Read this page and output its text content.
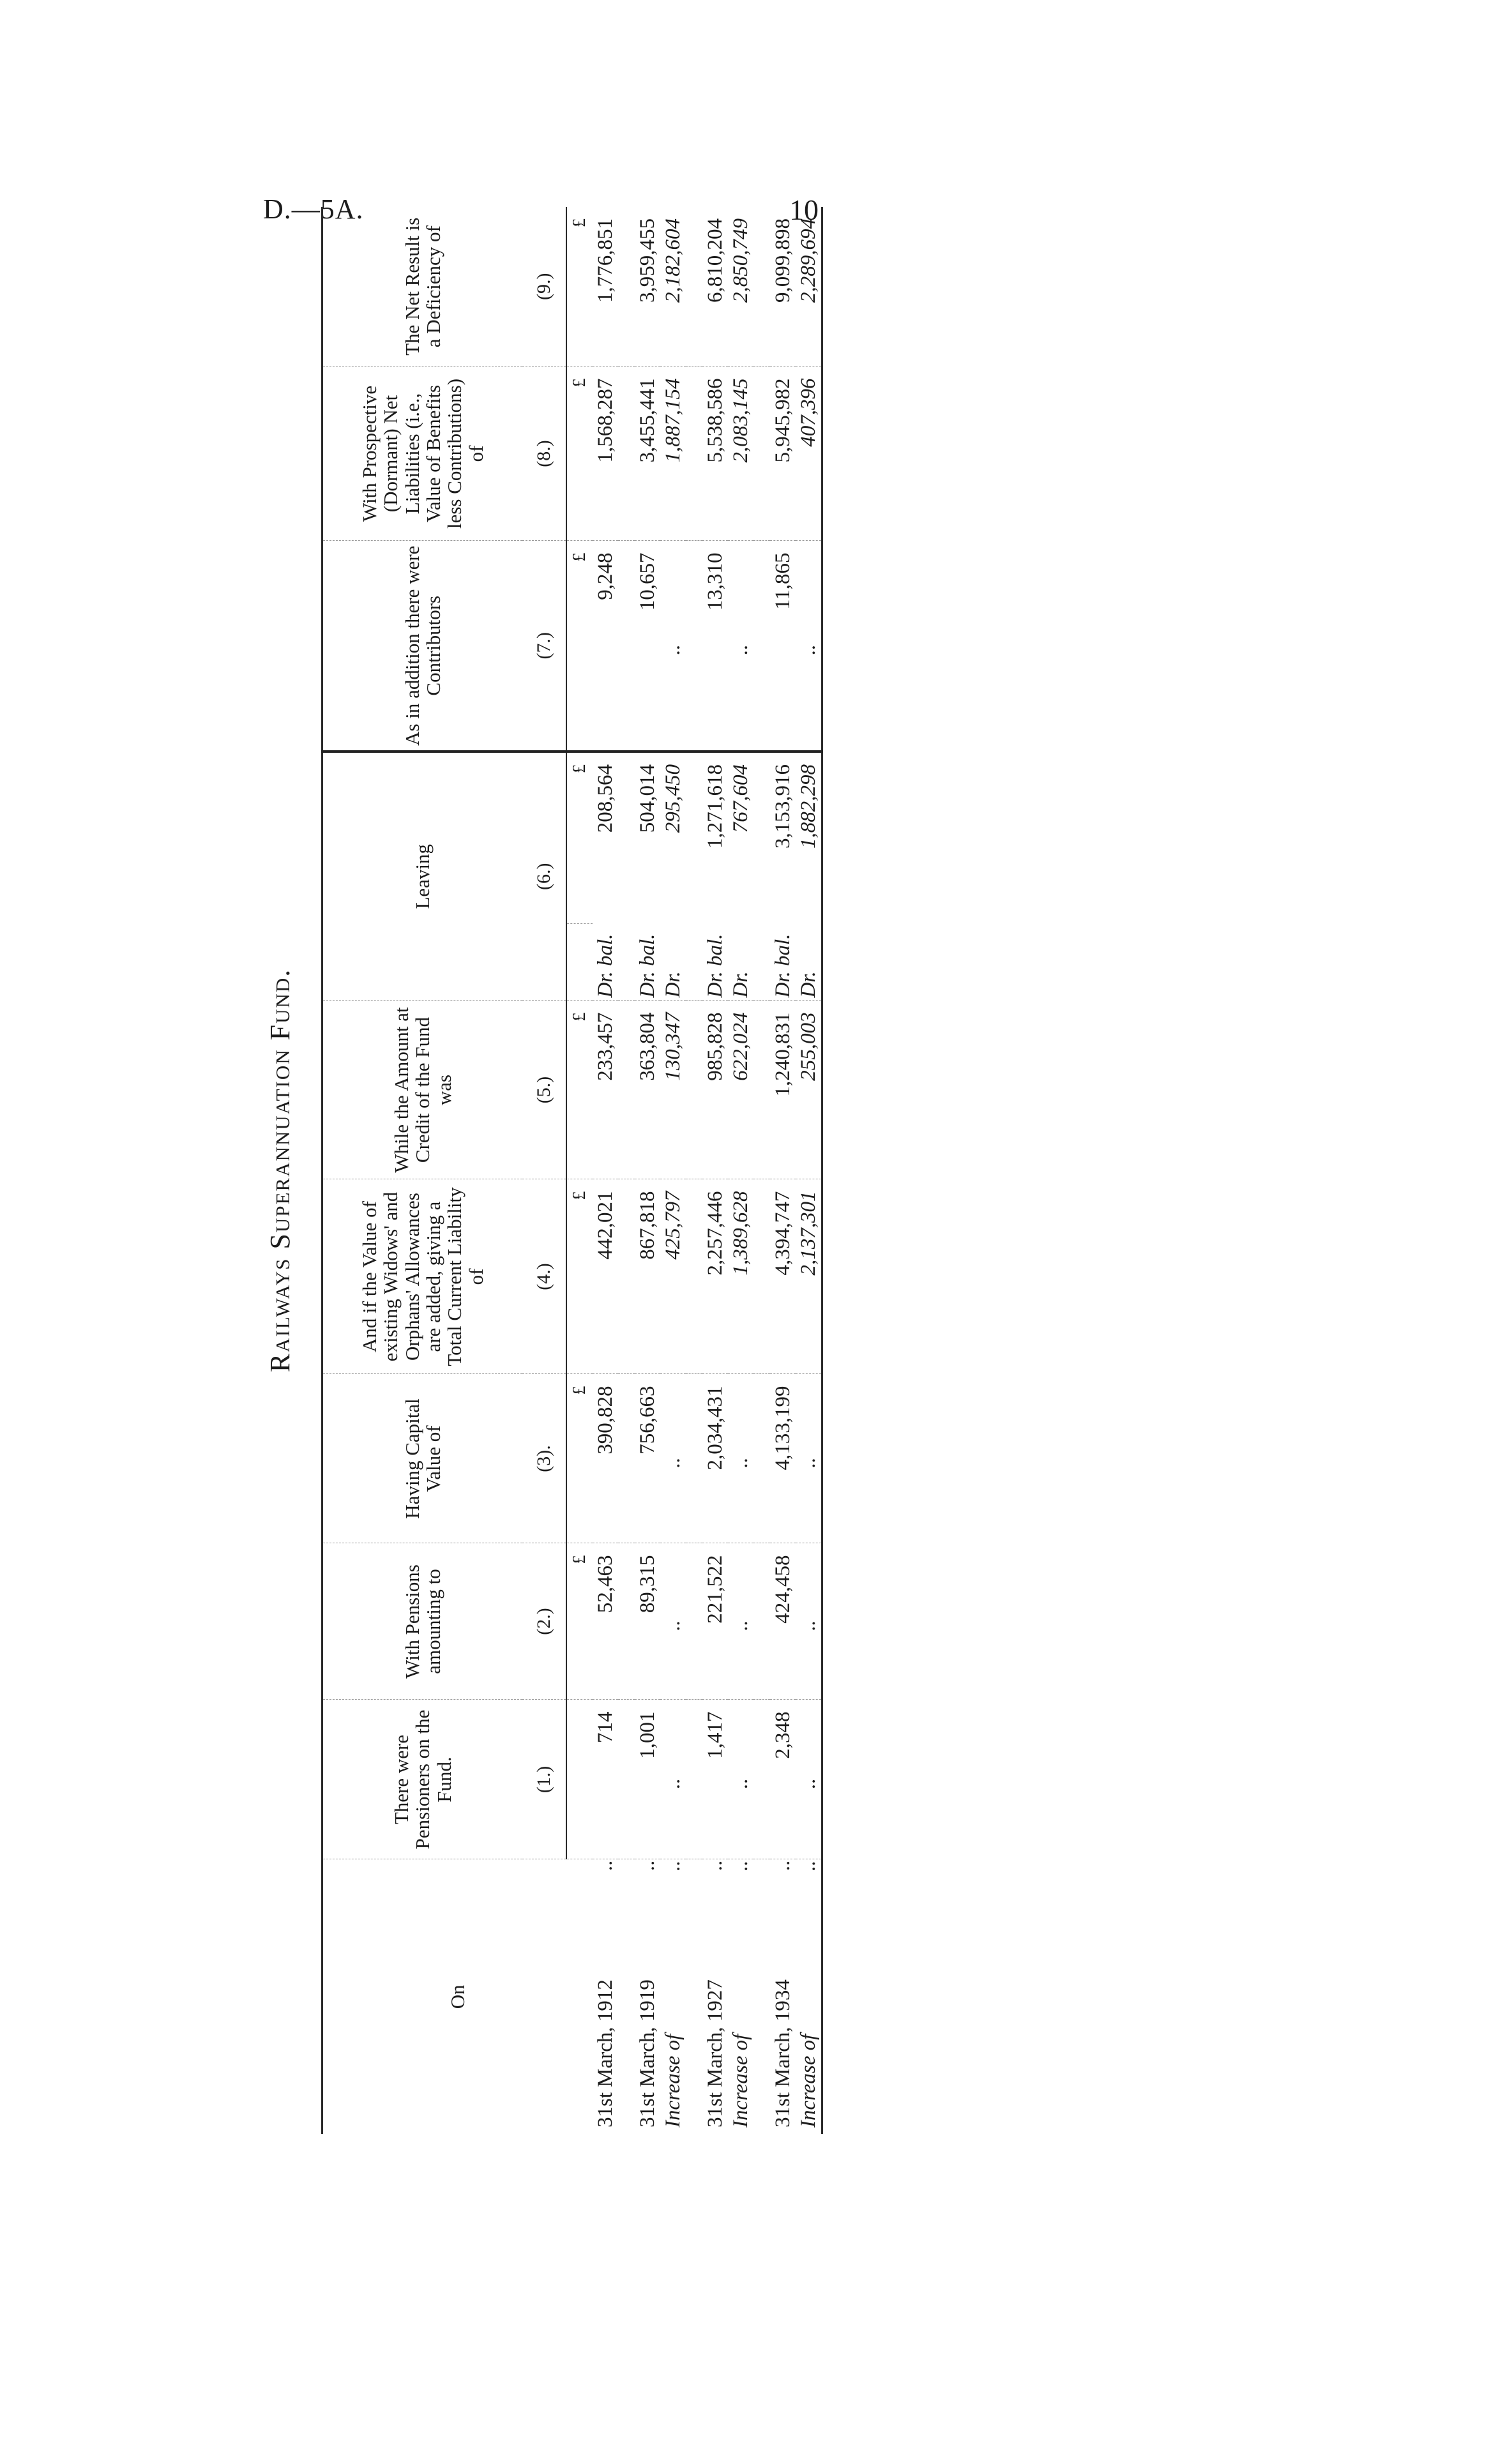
D.—5A.	10
Railways Superannuation Fund.
On	There were Pensioners on the Fund.	With Pensions amounting to	Having Capital Value of	And if the Value of existing Widows' and Orphans' Allowances are added, giving a Total Current Liability of	While the Amount at Credit of the Fund was	Leaving		As in addition there were Contributors	With Prospective (Dormant) Net Liabilities (i.e., Value of Benefits less Contributions) of	The Net Result is a Deficiency of
	(1.)	(2.)	(3).	(4.)	(5.)	(6.)		(7.)	(8.)	(9.)
		£	£	£	£		£	£	£	£
31st March, 1912..	714	52,463	390,828	442,021	233,457	Dr. bal.	208,564	9,248	1,568,287	1,776,851

31st March, 1919..	1,001	89,315	756,663	867,818	363,804	Dr. bal.	504,014	10,657	3,455,441	3,959,455
Increase of..	..	..	..	425,797	130,347	Dr.	295,450	..	1,887,154	2,182,604

31st March, 1927..	1,417	221,522	2,034,431	2,257,446	985,828	Dr. bal.	1,271,618	13,310	5,538,586	6,810,204
Increase of..	..	..	..	1,389,628	622,024	Dr.	767,604	..	2,083,145	2,850,749

31st March, 1934..	2,348	424,458	4,133,199	4,394,747	1,240,831	Dr. bal.	3,153,916	11,865	5,945,982	9,099,898
Increase of..	..	..	..	2,137,301	255,003	Dr.	1,882,298	..	407,396	2,289,694
